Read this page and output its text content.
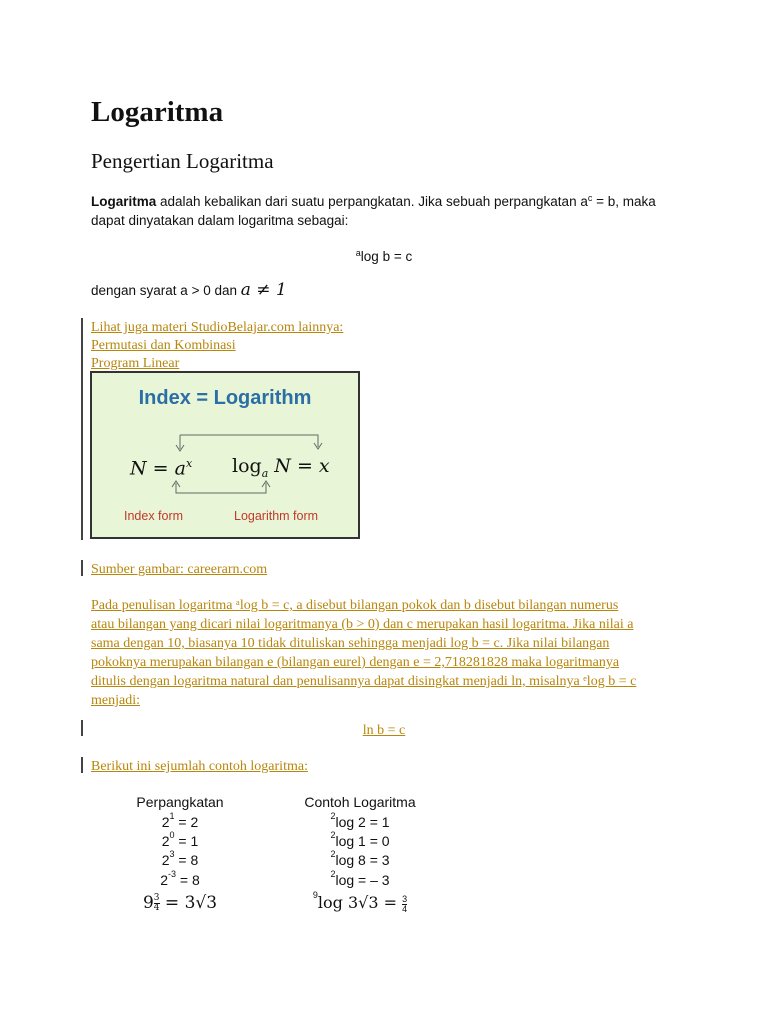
Logaritma
Pengertian Logaritma
Logaritma adalah kebalikan dari suatu perpangkatan. Jika sebuah perpangkatan $a^c = b$, maka
dapat dinyatakan dalam logaritma sebagai:
$^a$log b = c
dengan syarat a > 0 dan a ≠ 1
Lihat juga materi StudioBelajar.com lainnya:
Permutasi dan Kombinasi
Program Linear
Index = Logarithm
$N = a^x$ $\log_a N = x$
Index form	Logarithm form
Sumber gambar: careerarn.com
Pada penulisan logaritma ᵃlog b = c, a disebut bilangan pokok dan b disebut bilangan numerus
atau bilangan yang dicari nilai logaritmanya (b > 0) dan c merupakan hasil logaritma. Jika nilai a
sama dengan 10, biasanya 10 tidak dituliskan sehingga menjadi log b = c. Jika nilai bilangan
pokoknya merupakan bilangan e (bilangan eurel) dengan e = 2,718281828 maka logaritmanya
ditulis dengan logaritma natural dan penulisannya dapat disingkat menjadi ln, misalnya ᵉlog b = c
menjadi:
ln b = c
Berikut ini sejumlah contoh logaritma:
Perpangkatan	Contoh Logaritma
$2^1 = 2$	$^2$log 2 = 1
$2^0 = 1$	$^2$log 1 = 0
$2^3 = 8$	$^2$log 8 = 3
$2^{-3} = 8$	$^2$log = – 3
$9 \frac{3}{4} = 3√3$	$^9$log $3√3 = \frac{3}{4}$
